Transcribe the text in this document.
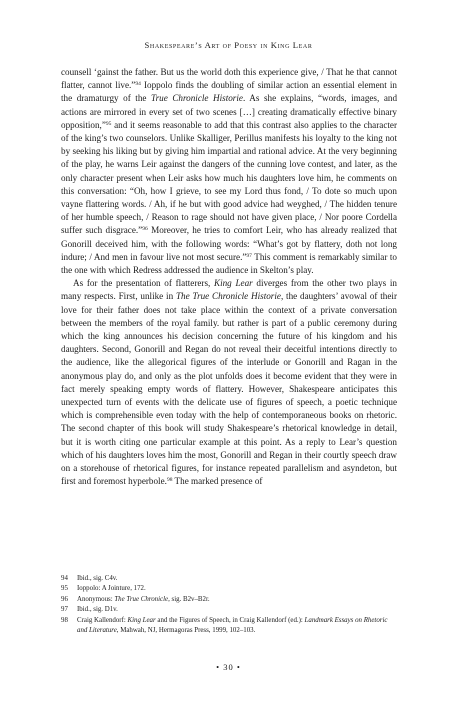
Shakespeare’s Art of Poesy in King Lear

counsell ‘gainst the father. But us the world doth this experience give, / That he that cannot flatter, cannot live.”$^{94}$ Ioppolo finds the doubling of similar action an essential element in the dramaturgy of the True Chronicle Historie. As she explains, “words, images, and actions are mirrored in every set of two scenes […] creating dramatically effective binary opposition,”$^{95}$ and it seems reasonable to add that this contrast also applies to the character of the king’s two counselors. Unlike Skalliger, Perillus manifests his loyalty to the king not by seeking his liking but by giving him impartial and rational advice. At the very beginning of the play, he warns Leir against the dangers of the cunning love contest, and later, as the only character present when Leir asks how much his daughters love him, he comments on this conversation: “Oh, how I grieve, to see my Lord thus fond, / To dote so much upon vayne flattering words. / Ah, if he but with good advice had weyghed, / The hidden tenure of her humble speech, / Reason to rage should not have given place, / Nor poore Cordella suffer such disgrace.”$^{96}$ Moreover, he tries to comfort Leir, who has already realized that Gonorill deceived him, with the following words: “What’s got by flattery, doth not long indure; / And men in favour live not most secure.”$^{97}$ This comment is remarkably similar to the one with which Redress addressed the audience in Skelton’s play.

As for the presentation of flatterers, King Lear diverges from the other two plays in many respects. First, unlike in The True Chronicle Historie, the daughters’ avowal of their love for their father does not take place within the context of a private conversation between the members of the royal family. but rather is part of a public ceremony during which the king announces his decision concerning the future of his kingdom and his daughters. Second, Gonorill and Regan do not reveal their deceitful intentions directly to the audience, like the allegorical figures of the interlude or Gonorill and Ragan in the anonymous play do, and only as the plot unfolds does it become evident that they were in fact merely speaking empty words of flattery. However, Shakespeare anticipates this unexpected turn of events with the delicate use of figures of speech, a poetic technique which is comprehensible even today with the help of contemporaneous books on rhetoric. The second chapter of this book will study Shakespeare’s rhetorical knowledge in detail, but it is worth citing one particular example at this point. As a reply to Lear’s question which of his daughters loves him the most, Gonorill and Regan in their courtly speech draw on a storehouse of rhetorical figures, for instance repeated parallelism and asyndeton, but first and foremost hyperbole.$^{98}$ The marked presence of

94 Ibid., sig. C4v.
95 Ioppolo: A Jointure, 172.
96 Anonymous: The True Chronicle, sig. B2v–B2r.
97 Ibid., sig. D1v.
98 Craig Kallendorf: King Lear and the Figures of Speech, in Craig Kallendorf (ed.): Landmark Essays on Rhetoric and Literature, Mahwah, NJ, Hermagoras Press, 1999, 102–103.
• 30 •
